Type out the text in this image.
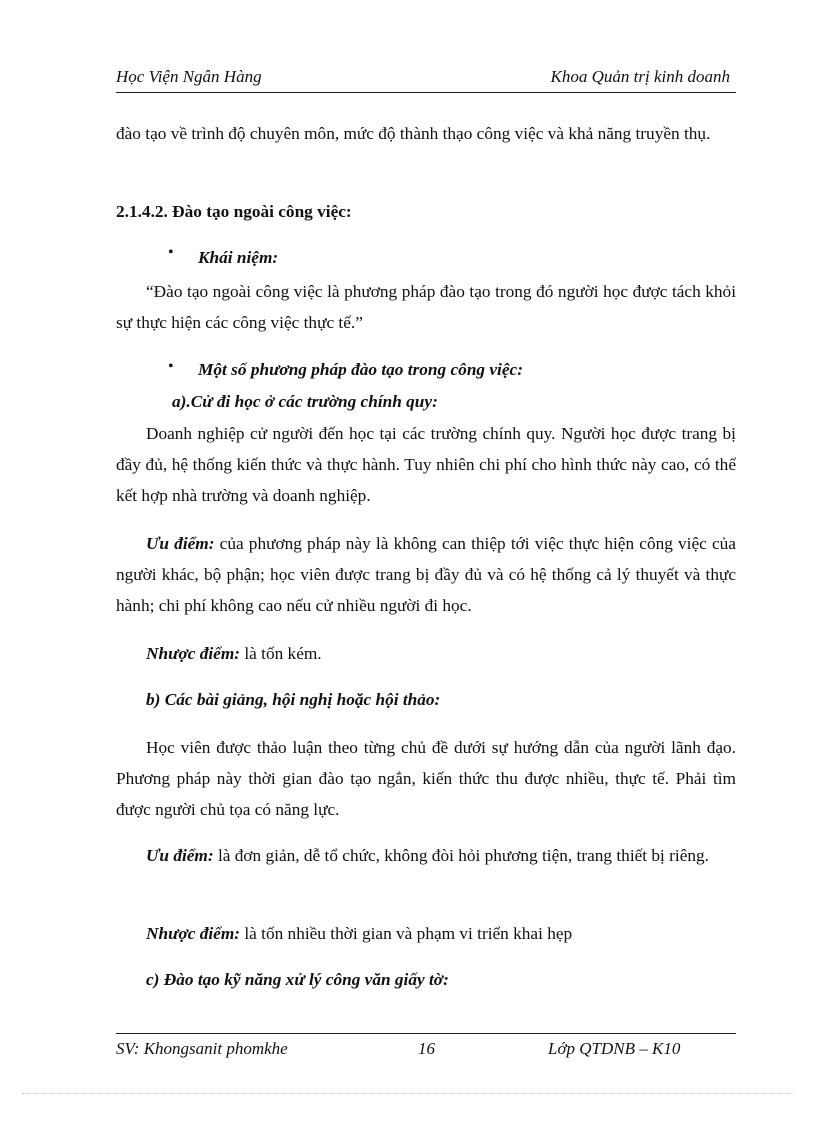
Học Viện Ngân Hàng	Khoa Quản trị kinh doanh
đào tạo về trình độ chuyên môn, mức độ thành thạo công việc và khả năng truyền thụ.
2.1.4.2. Đào tạo ngoài công việc:
• Khái niệm:
“Đào tạo ngoài công việc là phương pháp đào tạo trong đó người học được tách khỏi sự thực hiện các công việc thực tế.”
• Một số phương pháp đào tạo trong công việc:
a).Cử đi học ở các trường chính quy:
Doanh nghiệp cử người đến học tại các trường chính quy. Người học được trang bị đầy đủ, hệ thống kiến thức và thực hành. Tuy nhiên chi phí cho hình thức này cao, có thể kết hợp nhà trường và doanh nghiệp.
Ưu điểm: của phương pháp này là không can thiệp tới việc thực hiện công việc của người khác, bộ phận; học viên được trang bị đầy đủ và có hệ thống cả lý thuyết và thực hành; chi phí không cao nếu cử nhiều người đi học.
Nhược điểm: là tốn kém.
b) Các bài giảng, hội nghị hoặc hội thảo:
Học viên được thảo luận theo từng chủ đề dưới sự hướng dẫn của người lãnh đạo. Phương pháp này thời gian đào tạo ngắn, kiến thức thu được nhiều, thực tế. Phải tìm được người chủ tọa có năng lực.
Ưu điểm: là đơn giản, dễ tổ chức, không đòi hỏi phương tiện, trang thiết bị riêng.
Nhược điểm: là tốn nhiều thời gian và phạm vi triển khai hẹp
c) Đào tạo kỹ năng xử lý công văn giấy tờ:
SV: Khongsanit phomkhe	16	Lớp QTDNB – K10
